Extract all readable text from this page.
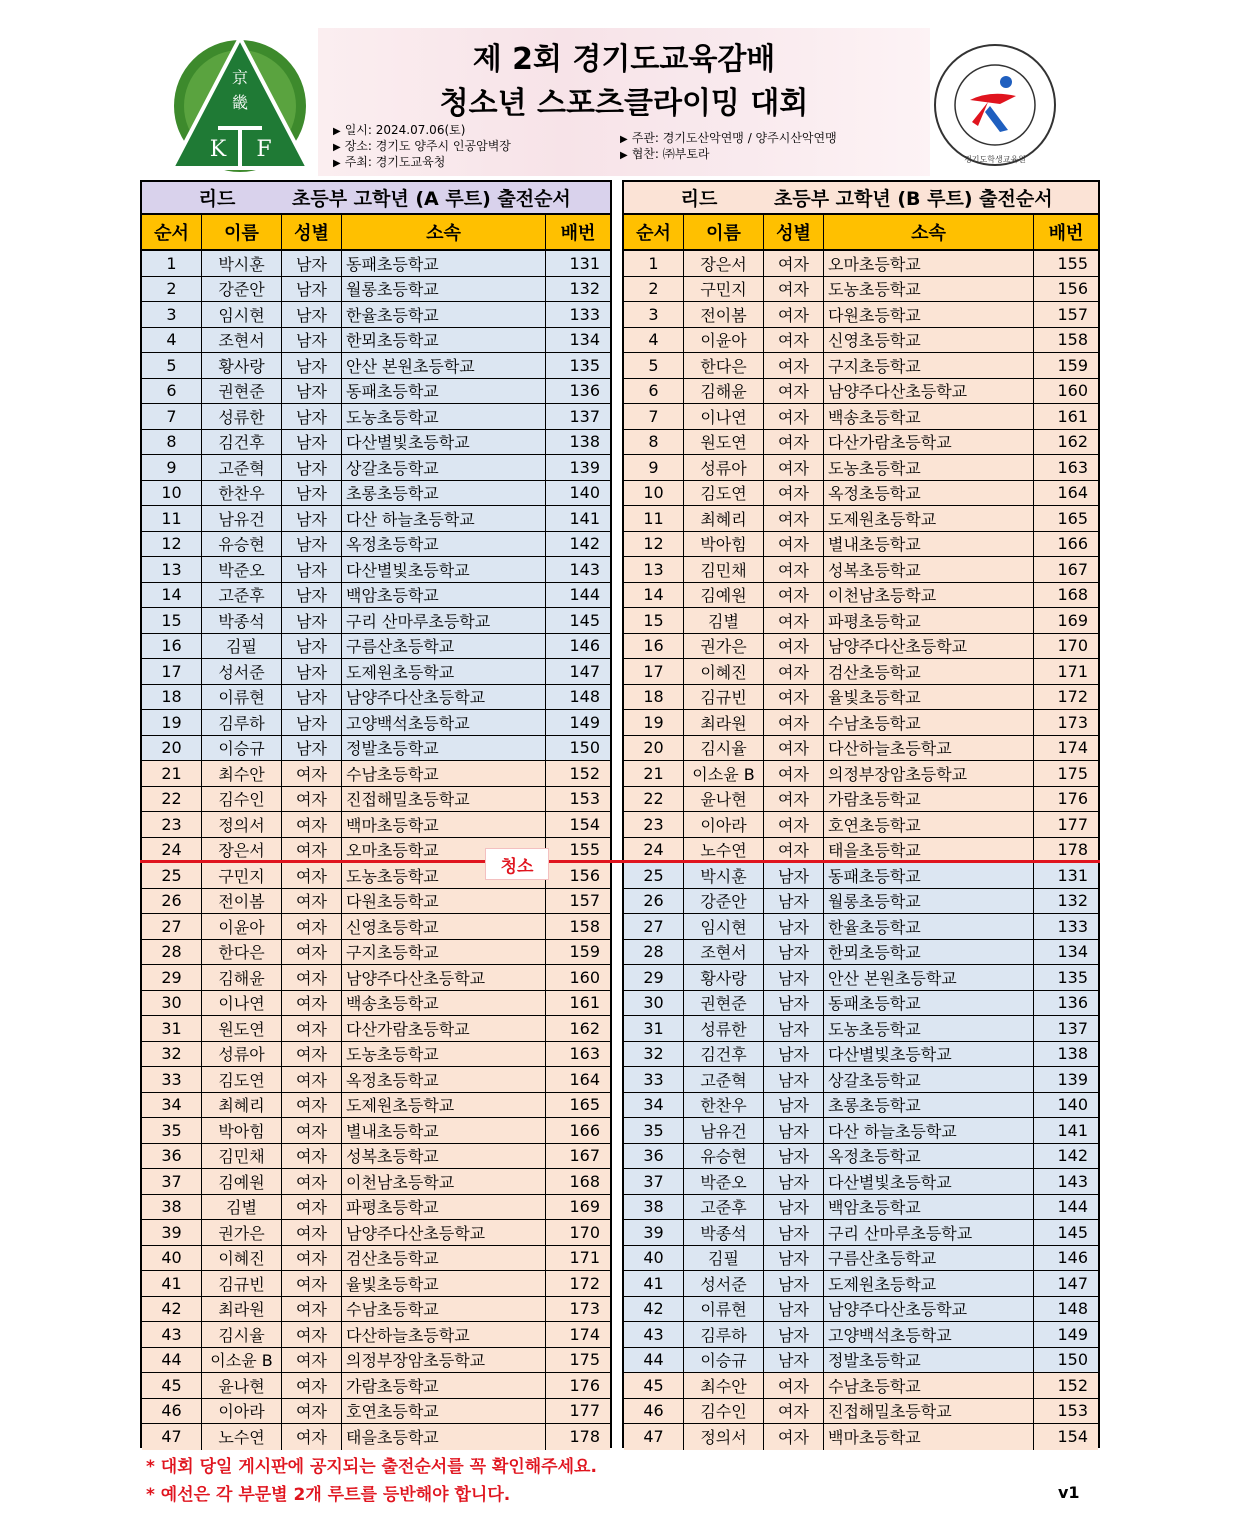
京
畿
K F	경기도학생교육원
제 2회 경기도교육감배
청소년 스포츠클라이밍 대회
▶ 일시: 2024.07.06(토)
▶ 장소: 경기도 양주시 인공암벽장
▶ 주최: 경기도교육청
▶ 주관: 경기도산악연맹 / 양주시산악연맹
▶ 협찬: ㈜부토라
리드	초등부 고학년 (A 루트) 출전순서
순서	이름	성별	소속	배번
1	박시훈	남자	동패초등학교	131
2	강준안	남자	월롱초등학교	132
3	임시현	남자	한율초등학교	133
4	조현서	남자	한뫼초등학교	134
5	황사랑	남자	안산 본원초등학교	135
6	권현준	남자	동패초등학교	136
7	성류한	남자	도농초등학교	137
8	김건후	남자	다산별빛초등학교	138
9	고준혁	남자	상갈초등학교	139
10	한찬우	남자	초롱초등학교	140
11	남유건	남자	다산 하늘초등학교	141
12	유승현	남자	옥정초등학교	142
13	박준오	남자	다산별빛초등학교	143
14	고준후	남자	백암초등학교	144
15	박종석	남자	구리 산마루초등학교	145
16	김필	남자	구름산초등학교	146
17	성서준	남자	도제원초등학교	147
18	이류현	남자	남양주다산초등학교	148
19	김루하	남자	고양백석초등학교	149
20	이승규	남자	정발초등학교	150
21	최수안	여자	수남초등학교	152
22	김수인	여자	진접해밀초등학교	153
23	정의서	여자	백마초등학교	154
24	장은서	여자	오마초등학교	155
25	구민지	여자	도농초등학교	156
26	전이봄	여자	다원초등학교	157
27	이윤아	여자	신영초등학교	158
28	한다은	여자	구지초등학교	159
29	김해윤	여자	남양주다산초등학교	160
30	이나연	여자	백송초등학교	161
31	원도연	여자	다산가람초등학교	162
32	성류아	여자	도농초등학교	163
33	김도연	여자	옥정초등학교	164
34	최혜리	여자	도제원초등학교	165
35	박아힘	여자	별내초등학교	166
36	김민채	여자	성복초등학교	167
37	김예원	여자	이천남초등학교	168
38	김별	여자	파평초등학교	169
39	권가은	여자	남양주다산초등학교	170
40	이혜진	여자	검산초등학교	171
41	김규빈	여자	율빛초등학교	172
42	최라원	여자	수남초등학교	173
43	김시율	여자	다산하늘초등학교	174
44	이소윤 B	여자	의정부장암초등학교	175
45	윤나현	여자	가람초등학교	176
46	이아라	여자	호연초등학교	177
47	노수연	여자	태을초등학교	178
리드	초등부 고학년 (B 루트) 출전순서
순서	이름	성별	소속	배번
1	장은서	여자	오마초등학교	155
2	구민지	여자	도농초등학교	156
3	전이봄	여자	다원초등학교	157
4	이윤아	여자	신영초등학교	158
5	한다은	여자	구지초등학교	159
6	김해윤	여자	남양주다산초등학교	160
7	이나연	여자	백송초등학교	161
8	원도연	여자	다산가람초등학교	162
9	성류아	여자	도농초등학교	163
10	김도연	여자	옥정초등학교	164
11	최혜리	여자	도제원초등학교	165
12	박아힘	여자	별내초등학교	166
13	김민채	여자	성복초등학교	167
14	김예원	여자	이천남초등학교	168
15	김별	여자	파평초등학교	169
16	권가은	여자	남양주다산초등학교	170
17	이혜진	여자	검산초등학교	171
18	김규빈	여자	율빛초등학교	172
19	최라원	여자	수남초등학교	173
20	김시율	여자	다산하늘초등학교	174
21	이소윤 B	여자	의정부장암초등학교	175
22	윤나현	여자	가람초등학교	176
23	이아라	여자	호연초등학교	177
24	노수연	여자	태을초등학교	178
25	박시훈	남자	동패초등학교	131
26	강준안	남자	월롱초등학교	132
27	임시현	남자	한율초등학교	133
28	조현서	남자	한뫼초등학교	134
29	황사랑	남자	안산 본원초등학교	135
30	권현준	남자	동패초등학교	136
31	성류한	남자	도농초등학교	137
32	김건후	남자	다산별빛초등학교	138
33	고준혁	남자	상갈초등학교	139
34	한찬우	남자	초롱초등학교	140
35	남유건	남자	다산 하늘초등학교	141
36	유승현	남자	옥정초등학교	142
37	박준오	남자	다산별빛초등학교	143
38	고준후	남자	백암초등학교	144
39	박종석	남자	구리 산마루초등학교	145
40	김필	남자	구름산초등학교	146
41	성서준	남자	도제원초등학교	147
42	이류현	남자	남양주다산초등학교	148
43	김루하	남자	고양백석초등학교	149
44	이승규	남자	정발초등학교	150
45	최수안	여자	수남초등학교	152
46	김수인	여자	진접해밀초등학교	153
47	정의서	여자	백마초등학교	154
청소
* 대회 당일 게시판에 공지되는 출전순서를 꼭 확인해주세요.
* 예선은 각 부문별 2개 루트를 등반해야 합니다.	v1
